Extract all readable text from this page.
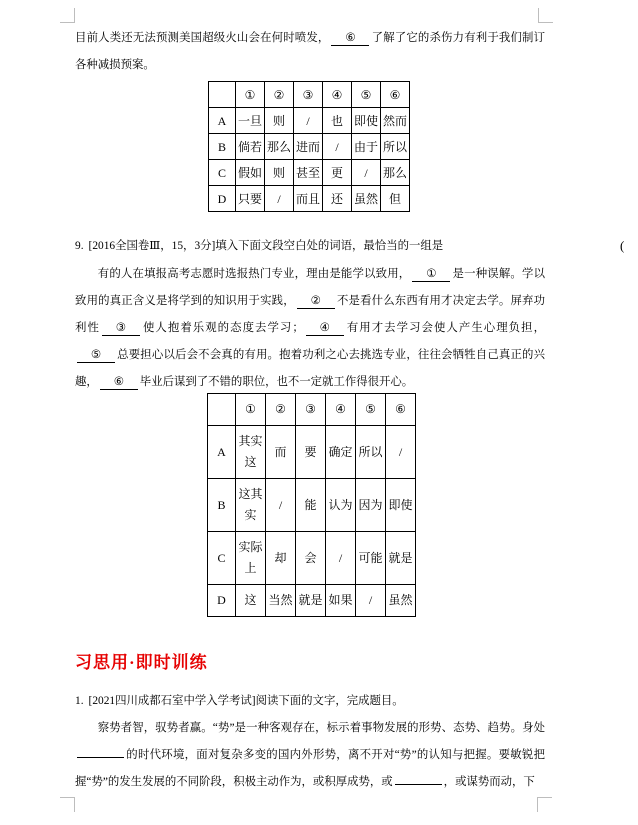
目前人类还无法预测美国超级火山会在何时喷发， ⑥ 了解了它的杀伤力有利于我们制订各种减损预案。
	①	②	③	④	⑤	⑥
A	一旦	则	/	也	即使	然而
B	倘若	那么	进而	/	由于	所以
C	假如	则	甚至	更	/	那么
D	只要	/	而且	还	虽然	但
9. [2016全国卷Ⅲ，15，3分]填入下面文段空白处的词语，最恰当的一组是	(
有的人在填报高考志愿时选报热门专业，理由是能学以致用， ① 是一种误解。学以致用的真正含义是将学到的知识用于实践， ② 不是看什么东西有用才决定去学。屏弃功利性 ③ 使人抱着乐观的态度去学习； ④ 有用才去学习会使人产生心理负担，⑤ 总要担心以后会不会真的有用。抱着功利之心去挑选专业，往往会牺牲自己真正的兴趣， ⑥ 毕业后谋到了不错的职位，也不一定就工作得很开心。
	①	②	③	④	⑤	⑥
A	其实这	而	要	确定	所以	/
B	这其实	/	能	认为	因为	即使
C	实际上	却	会	/	可能	就是
D	这	当然	就是	如果	/	虽然
习思用·即时训练
1. [2021四川成都石室中学入学考试]阅读下面的文字，完成题目。
察势者智，驭势者赢。“势”是一种客观存在，标示着事物发展的形势、态势、趋势。身处的时代环境，面对复杂多变的国内外形势，离不开对“势”的认知与把握。要敏锐把握“势”的发生发展的不同阶段，积极主动作为，或积厚成势，或	，或谋势而动，下
